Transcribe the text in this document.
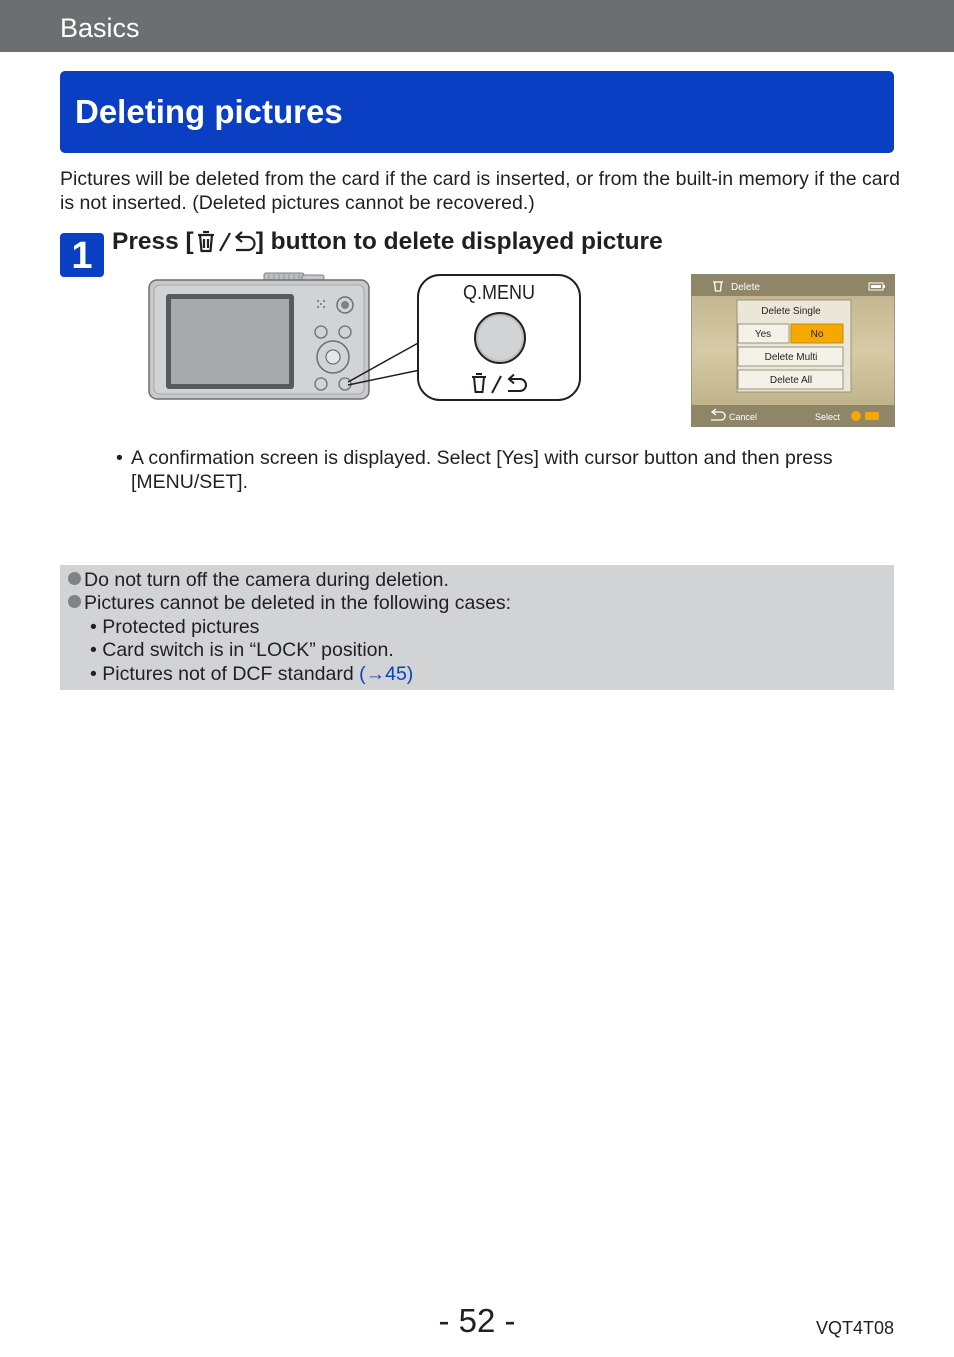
Basics
Deleting pictures
Pictures will be deleted from the card if the card is inserted, or from the built-in memory if the card is not inserted. (Deleted pictures cannot be recovered.)
1 Press [	] button to delete displayed picture
Q.MENU	Delete
Delete Single
Yes	No
Delete Multi
Delete All
Cancel	Select
• A confirmation screen is displayed. Select [Yes] with cursor button and then press [MENU/SET].
Do not turn off the camera during deletion.
Pictures cannot be deleted in the following cases:
• Protected pictures
• Card switch is in “LOCK” position.
• Pictures not of DCF standard (→45)
- 52 -	VQT4T08
